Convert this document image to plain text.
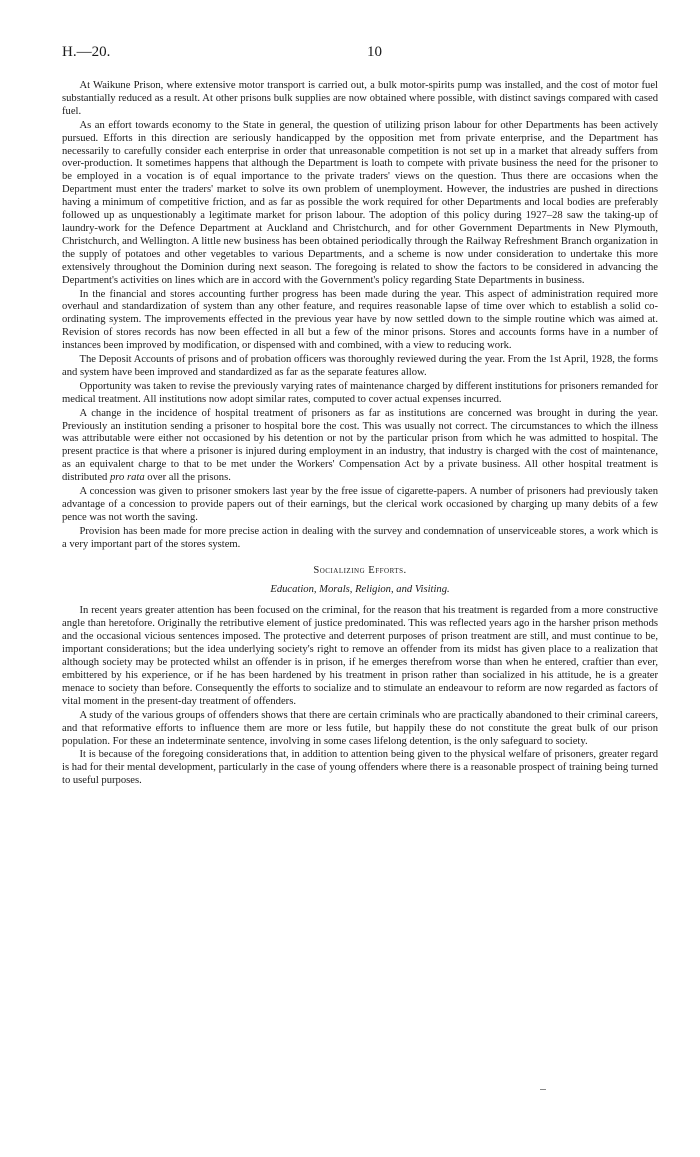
H.—20.	10

At Waikune Prison, where extensive motor transport is carried out, a bulk motor-spirits pump was installed, and the cost of motor fuel substantially reduced as a result. At other prisons bulk supplies are now obtained where possible, with distinct savings compared with cased fuel.

As an effort towards economy to the State in general, the question of utilizing prison labour for other Departments has been actively pursued. Efforts in this direction are seriously handicapped by the opposition met from private enterprise, and the Department has necessarily to carefully consider each enterprise in order that unreasonable competition is not set up in a market that already suffers from over-production. It sometimes happens that although the Department is loath to compete with private business the need for the prisoner to be employed in a vocation is of equal importance to the private traders' views on the question. Thus there are occasions when the Department must enter the traders' market to solve its own problem of unemployment. However, the industries are pushed in directions having a minimum of competitive friction, and as far as possible the work required for other Departments and local bodies are preferably followed up as unquestionably a legitimate market for prison labour. The adoption of this policy during 1927–28 saw the taking-up of laundry-work for the Defence Department at Auckland and Christchurch, and for other Government Departments in New Plymouth, Christchurch, and Wellington. A little new business has been obtained periodically through the Railway Refreshment Branch organization in the supply of potatoes and other vegetables to various Departments, and a scheme is now under consideration to undertake this more extensively throughout the Dominion during next season. The foregoing is related to show the factors to be considered in advancing the Department's activities on lines which are in accord with the Government's policy regarding State Departments in business.

In the financial and stores accounting further progress has been made during the year. This aspect of administration required more overhaul and standardization of system than any other feature, and requires reasonable lapse of time over which to establish a solid co-ordinating system. The improvements effected in the previous year have by now settled down to the simple routine which was aimed at. Revision of stores records has now been effected in all but a few of the minor prisons. Stores and accounts forms have in a number of instances been improved by modification, or dispensed with and combined, with a view to reducing work.

The Deposit Accounts of prisons and of probation officers was thoroughly reviewed during the year. From the 1st April, 1928, the forms and system have been improved and standardized as far as the separate features allow.

Opportunity was taken to revise the previously varying rates of maintenance charged by different institutions for prisoners remanded for medical treatment. All institutions now adopt similar rates, computed to cover actual expenses incurred.

A change in the incidence of hospital treatment of prisoners as far as institutions are concerned was brought in during the year. Previously an institution sending a prisoner to hospital bore the cost. This was usually not correct. The circumstances to which the illness was attributable were either not occasioned by his detention or not by the particular prison from which he was admitted to hospital. The present practice is that where a prisoner is injured during employment in an industry, that industry is charged with the cost of maintenance, as an equivalent charge to that to be met under the Workers' Compensation Act by a private business. All other hospital treatment is distributed pro rata over all the prisons.

A concession was given to prisoner smokers last year by the free issue of cigarette-papers. A number of prisoners had previously taken advantage of a concession to provide papers out of their earnings, but the clerical work occasioned by charging up many debits of a few pence was not worth the saving.

Provision has been made for more precise action in dealing with the survey and condemnation of unserviceable stores, a work which is a very important part of the stores system.

Socializing Efforts.
Education, Morals, Religion, and Visiting.

In recent years greater attention has been focused on the criminal, for the reason that his treatment is regarded from a more constructive angle than heretofore. Originally the retributive element of justice predominated. This was reflected years ago in the harsher prison methods and the occasional vicious sentences imposed. The protective and deterrent purposes of prison treatment are still, and must continue to be, important considerations; but the idea underlying society's right to remove an offender from its midst has given place to a realization that although society may be protected whilst an offender is in prison, if he emerges therefrom worse than when he entered, craftier than ever, embittered by his experience, or if he has been hardened by his treatment in prison rather than socialized in his attitude, he is a greater menace to society than before. Consequently the efforts to socialize and to stimulate an endeavour to reform are now regarded as factors of vital moment in the present-day treatment of offenders.

A study of the various groups of offenders shows that there are certain criminals who are practically abandoned to their criminal careers, and that reformative efforts to influence them are more or less futile, but happily these do not constitute the great bulk of our prison population. For these an indeterminate sentence, involving in some cases lifelong detention, is the only safeguard to society.

It is because of the foregoing considerations that, in addition to attention being given to the physical welfare of prisoners, greater regard is had for their mental development, particularly in the case of young offenders where there is a reasonable prospect of training being turned to useful purposes.
